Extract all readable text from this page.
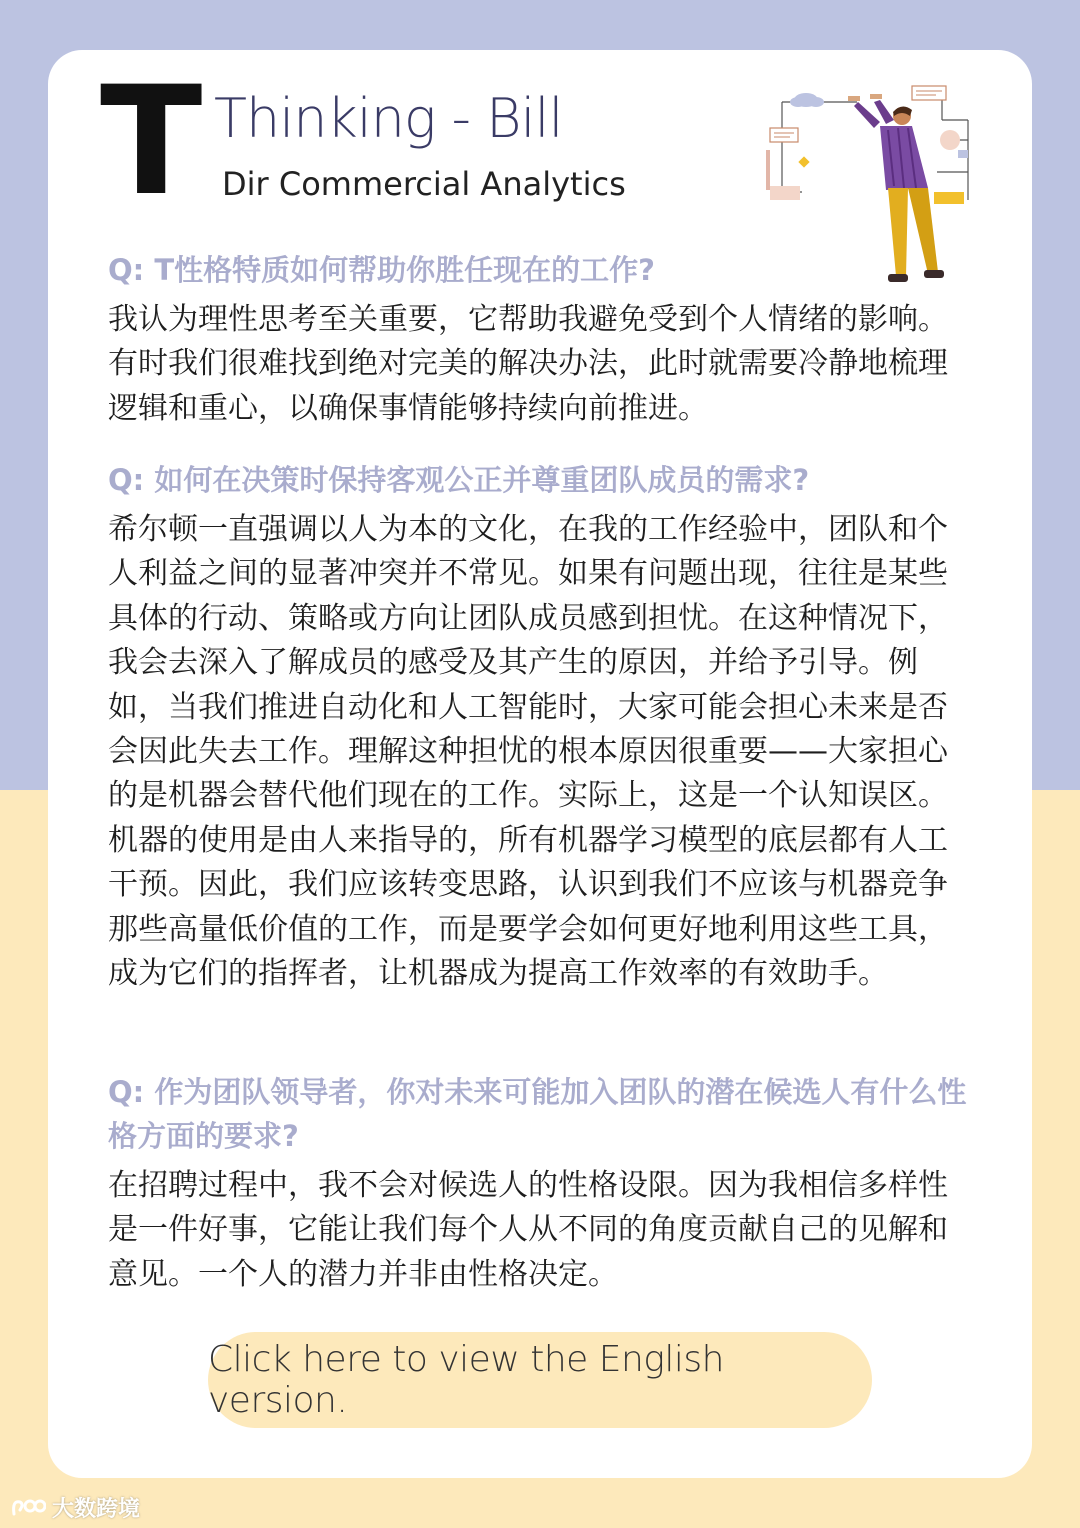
T Thinking - Bill
Dir Commercial Analytics

Q: T性格特质如何帮助你胜任现在的工作?

我认为理性思考至关重要，它帮助我避免受到个人情绪的影响。有时我们很难找到绝对完美的解决办法，此时就需要冷静地梳理逻辑和重心，以确保事情能够持续向前推进。

Q: 如何在决策时保持客观公正并尊重团队成员的需求?

希尔顿一直强调以人为本的文化，在我的工作经验中，团队和个人利益之间的显著冲突并不常见。如果有问题出现，往往是某些具体的行动、策略或方向让团队成员感到担忧。在这种情况下，我会去深入了解成员的感受及其产生的原因，并给予引导。例如，当我们推进自动化和人工智能时，大家可能会担心未来是否会因此失去工作。理解这种担忧的根本原因很重要——大家担心的是机器会替代他们现在的工作。实际上，这是一个认知误区。机器的使用是由人来指导的，所有机器学习模型的底层都有人工干预。因此，我们应该转变思路，认识到我们不应该与机器竞争那些高量低价值的工作，而是要学会如何更好地利用这些工具，成为它们的指挥者，让机器成为提高工作效率的有效助手。

Q: 作为团队领导者，你对未来可能加入团队的潜在候选人有什么性格方面的要求?

在招聘过程中，我不会对候选人的性格设限。因为我相信多样性是一件好事，它能让我们每个人从不同的角度贡献自己的见解和意见。一个人的潜力并非由性格决定。

Click here to view the English version.
大数跨境
